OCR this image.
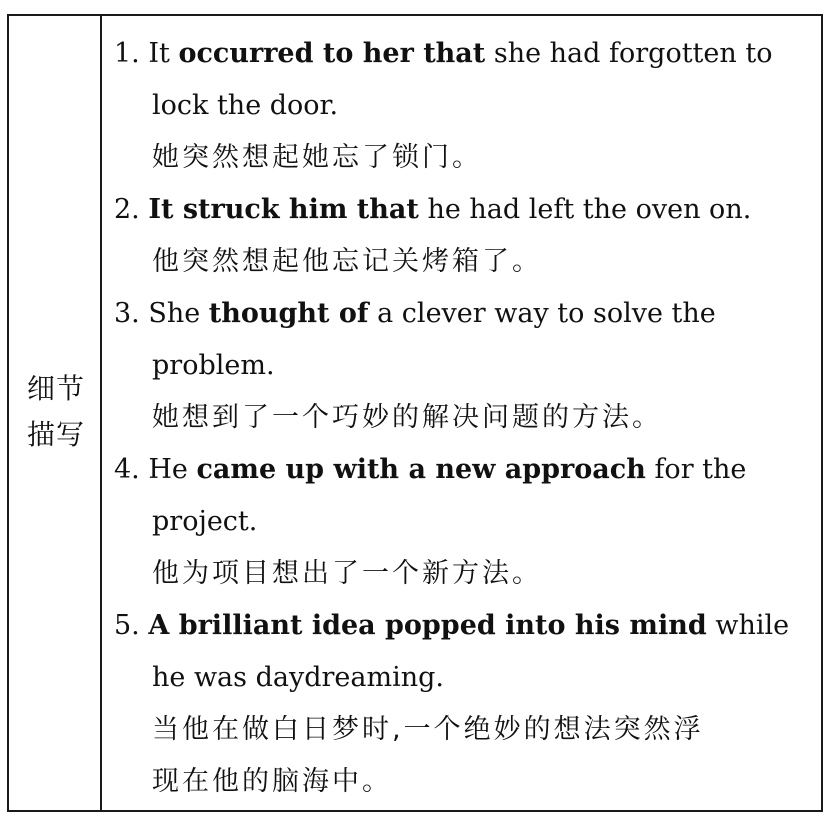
细节描写
1. It occurred to her that she had forgotten to
lock the door.
她突然想起她忘了锁门。
2. It struck him that he had left the oven on.
他突然想起他忘记关烤箱了。
3. She thought of a clever way to solve the
problem.
她想到了一个巧妙的解决问题的方法。
4. He came up with a new approach for the
project.
他为项目想出了一个新方法。
5. A brilliant idea popped into his mind while
he was daydreaming.
当他在做白日梦时,一个绝妙的想法突然浮
现在他的脑海中。
